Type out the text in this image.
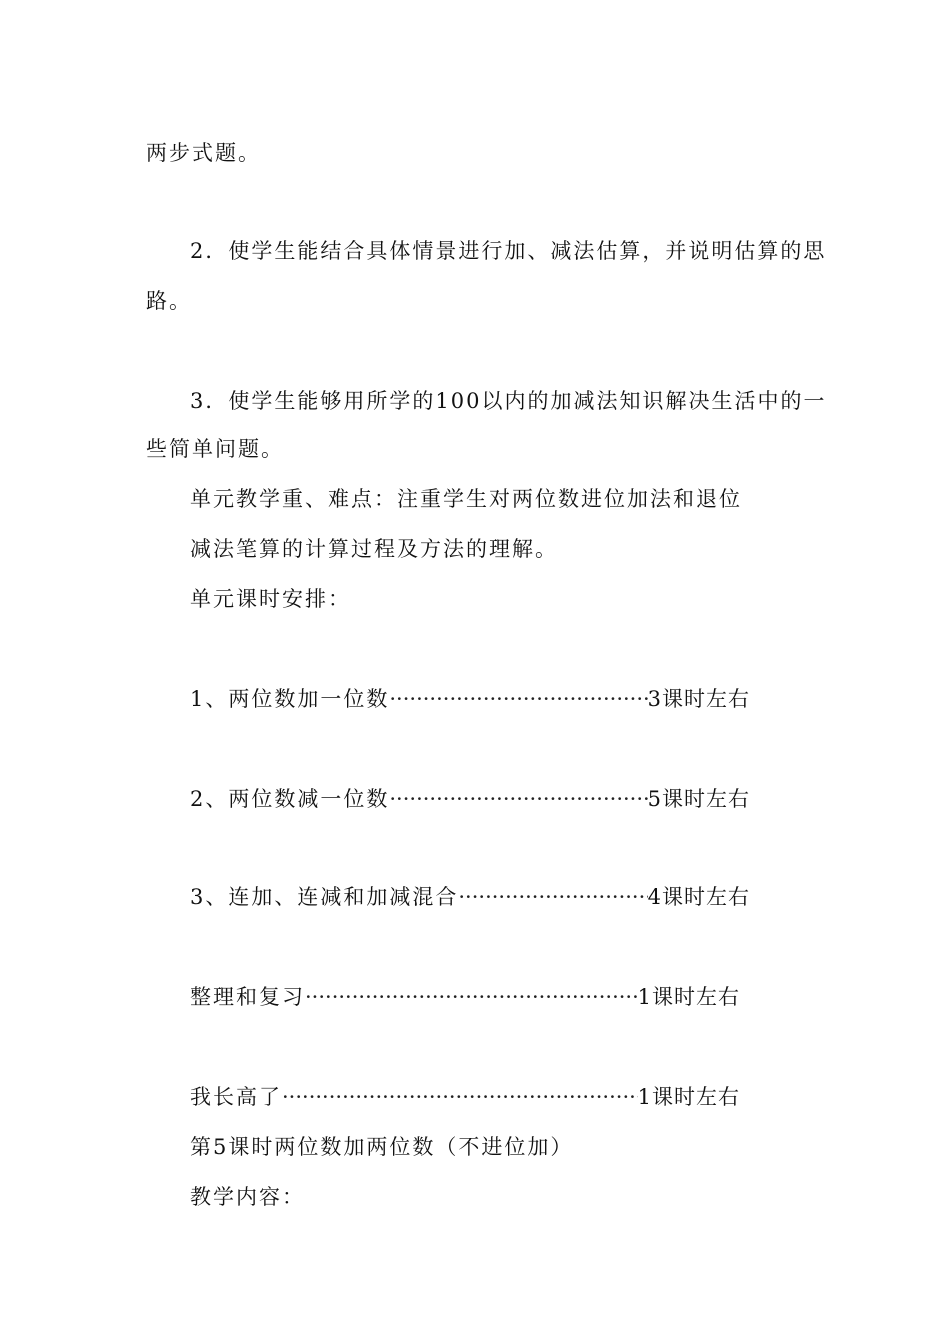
两步式题。
2．使学生能结合具体情景进行加、减法估算，并说明估算的思
路。
3．使学生能够用所学的100以内的加减法知识解决生活中的一
些简单问题。
单元教学重、难点：注重学生对两位数进位加法和退位
减法笔算的计算过程及方法的理解。
单元课时安排：
1、两位数加一位数 ·····	3课时左右
2、两位数减一位数 ·····	5课时左右
3、连加、连减和加减混合 ·····	4课时左右
整理和复习 ·····	1课时左右
我长高了 ·····	1课时左右
第5课时两位数加两位数（不进位加）
教学内容：
